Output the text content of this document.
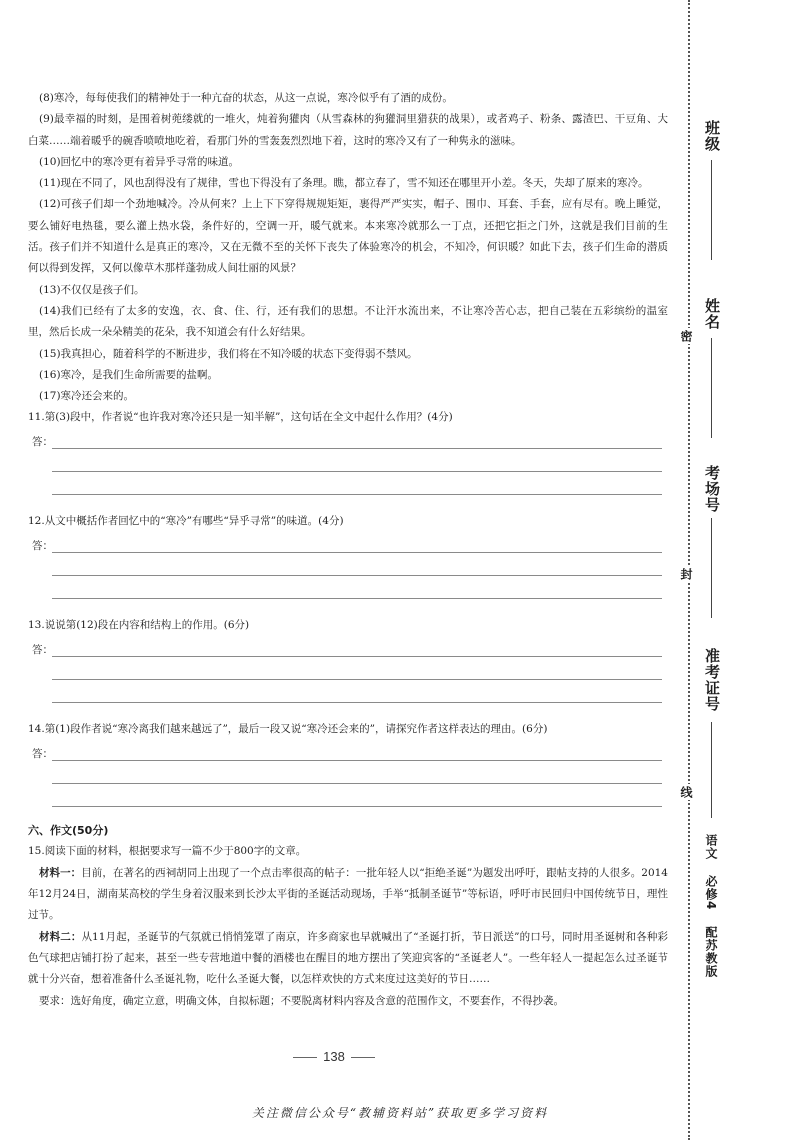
(8)寒冷，每每使我们的精神处于一种亢奋的状态，从这一点说，寒冷似乎有了酒的成份。
(9)最幸福的时刻，是围着树蔸缕就的一堆火，炖着狗獾肉（从雪森林的狗獾洞里猎获的战果），或者鸡子、粉条、露渣巴、干豆角、大白菜……端着暖乎的碗香喷喷地吃着，看那门外的雪轰轰烈烈地下着，这时的寒冷又有了一种隽永的滋味。
(10)回忆中的寒冷更有着异乎寻常的味道。
(11)现在不同了，风也刮得没有了规律，雪也下得没有了条理。瞧，都立春了，雪不知还在哪里开小差。冬天，失却了原来的寒冷。
(12)可孩子们却一个劲地喊冷。冷从何来？上上下下穿得规规矩矩，裹得严严实实，帽子、围巾、耳套、手套，应有尽有。晚上睡觉，要么铺好电热毯，要么灌上热水袋，条件好的，空调一开，暖气就来。本来寒冷就那么一丁点，还把它拒之门外，这就是我们目前的生活。孩子们并不知道什么是真正的寒冷，又在无微不至的关怀下丧失了体验寒冷的机会，不知冷，何识暖？如此下去，孩子们生命的潜质何以得到发挥，又何以像草木那样蓬勃成人间壮丽的风景？
(13)不仅仅是孩子们。
(14)我们已经有了太多的安逸，衣、食、住、行，还有我们的思想。不让汗水流出来，不让寒冷苦心志，把自己装在五彩缤纷的温室里，然后长成一朵朵精美的花朵，我不知道会有什么好结果。
(15)我真担心，随着科学的不断进步，我们将在不知冷暖的状态下变得弱不禁风。
(16)寒冷，是我们生命所需要的盐啊。
(17)寒冷还会来的。
11.第(3)段中，作者说“也许我对寒冷还只是一知半解”，这句话在全文中起什么作用？(4分)
答：
12.从文中概括作者回忆中的“寒冷”有哪些“异乎寻常”的味道。(4分)
答：
13.说说第(12)段在内容和结构上的作用。(6分)
答：
14.第(1)段作者说“寒冷离我们越来越远了”，最后一段又说“寒冷还会来的”，请探究作者这样表达的理由。(6分)
答：
六、作文(50分)
15.阅读下面的材料，根据要求写一篇不少于800字的文章。
材料一：目前，在著名的西祠胡同上出现了一个点击率很高的帖子：一批年轻人以“拒绝圣诞”为题发出呼吁，跟帖支持的人很多。2014年12月24日，湖南某高校的学生身着汉服来到长沙太平街的圣诞活动现场，手举“抵制圣诞节”等标语，呼吁市民回归中国传统节日，理性过节。
材料二：从11月起，圣诞节的气氛就已悄悄笼罩了南京，许多商家也早就喊出了“圣诞打折，节日派送”的口号，同时用圣诞树和各种彩色气球把店铺打扮了起来，甚至一些专营地道中餐的酒楼也在醒目的地方摆出了笑迎宾客的“圣诞老人”。一些年轻人一提起怎么过圣诞节就十分兴奋，想着准备什么圣诞礼物，吃什么圣诞大餐，以怎样欢快的方式来度过这美好的节日……
要求：选好角度，确定立意，明确文体，自拟标题；不要脱离材料内容及含意的范围作文，不要套作，不得抄袭。
138
关注微信公众号“教辅资料站”获取更多学习资料
班级
姓名
考场号
准考证号
密
封
线
语文 必修4 配苏教版
